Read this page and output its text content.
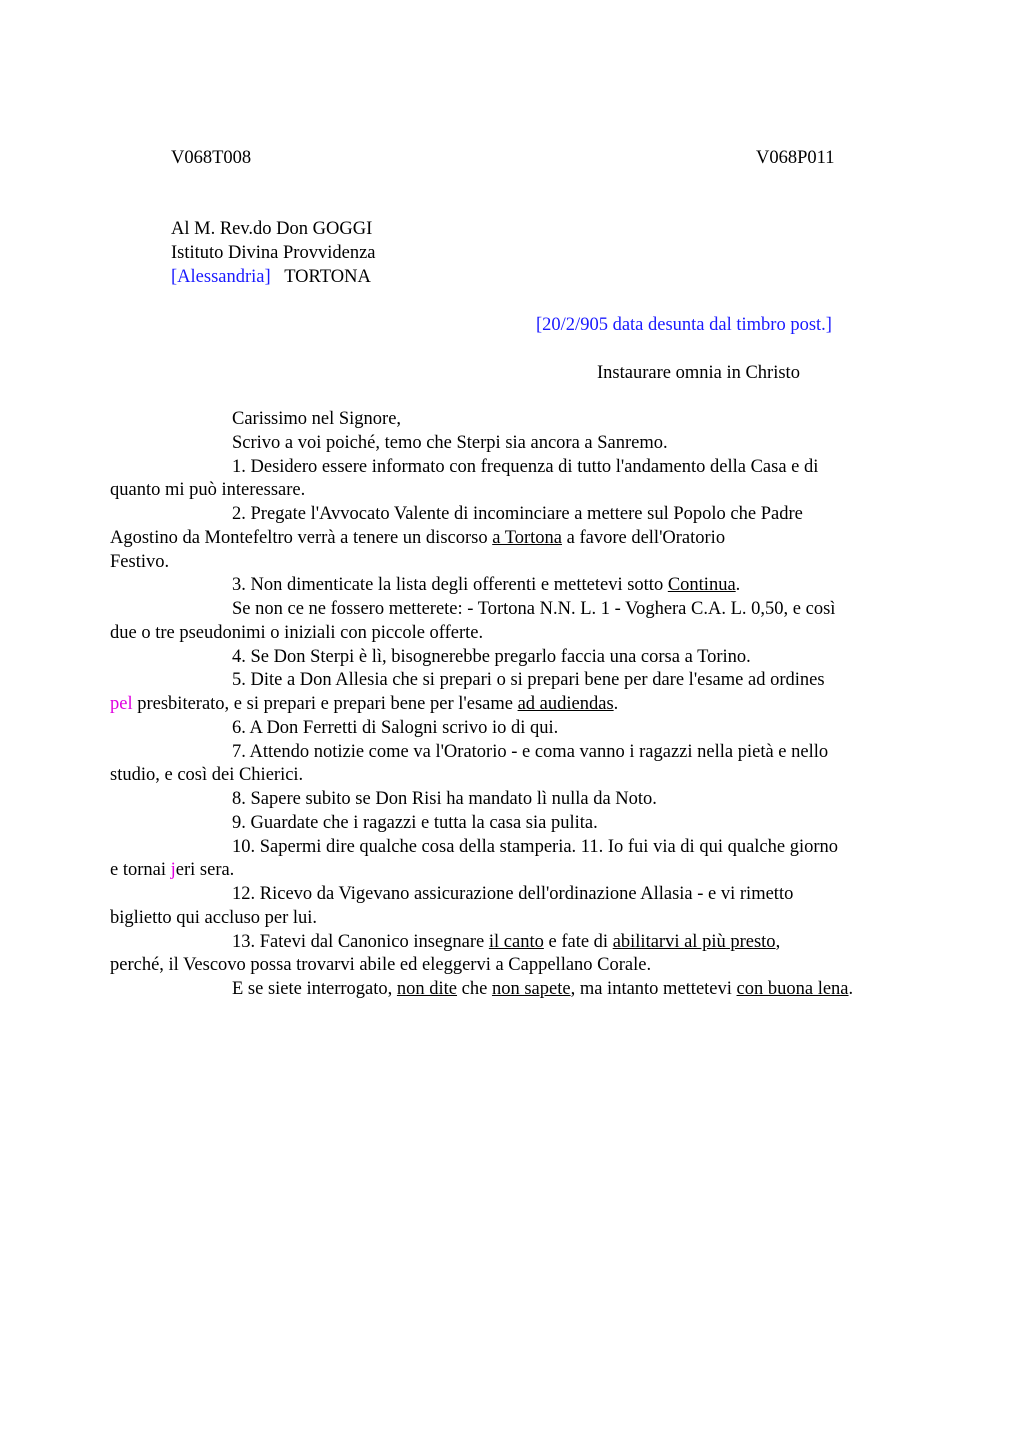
V068T008	V068P011
Al M. Rev.do Don GOGGI
Istituto Divina Provvidenza
[Alessandria] TORTONA
[20/2/905 data desunta dal timbro post.]
Instaurare omnia in Christo

Carissimo nel Signore,

Scrivo a voi poiché, temo che Sterpi sia ancora a Sanremo.

1. Desidero essere informato con frequenza di tutto l'andamento della Casa e di
quanto mi può interessare.

2. Pregate l'Avvocato Valente di incominciare a mettere sul Popolo che Padre
Agostino da Montefeltro verrà a tenere un discorso a Tortona a favore dell'Oratorio
Festivo.

3. Non dimenticate la lista degli offerenti e mettetevi sotto Continua.

Se non ce ne fossero metterete: - Tortona N.N. L. 1 - Voghera C.A. L. 0,50, e così
due o tre pseudonimi o iniziali con piccole offerte.

4. Se Don Sterpi è lì, bisognerebbe pregarlo faccia una corsa a Torino.

5. Dite a Don Allesia che si prepari o si prepari bene per dare l'esame ad ordines
pel presbiterato, e si prepari e prepari bene per l'esame ad audiendas.

6. A Don Ferretti di Salogni scrivo io di qui.

7. Attendo notizie come va l'Oratorio - e coma vanno i ragazzi nella pietà e nello
studio, e così dei Chierici.

8. Sapere subito se Don Risi ha mandato lì nulla da Noto.

9. Guardate che i ragazzi e tutta la casa sia pulita.

10. Sapermi dire qualche cosa della stamperia. 11. Io fui via di qui qualche giorno
e tornai jeri sera.

12. Ricevo da Vigevano assicurazione dell'ordinazione Allasia - e vi rimetto
biglietto qui accluso per lui.

13. Fatevi dal Canonico insegnare il canto e fate di abilitarvi al più presto,
perché, il Vescovo possa trovarvi abile ed eleggervi a Cappellano Corale.

E se siete interrogato, non dite che non sapete, ma intanto mettetevi con buona lena.
